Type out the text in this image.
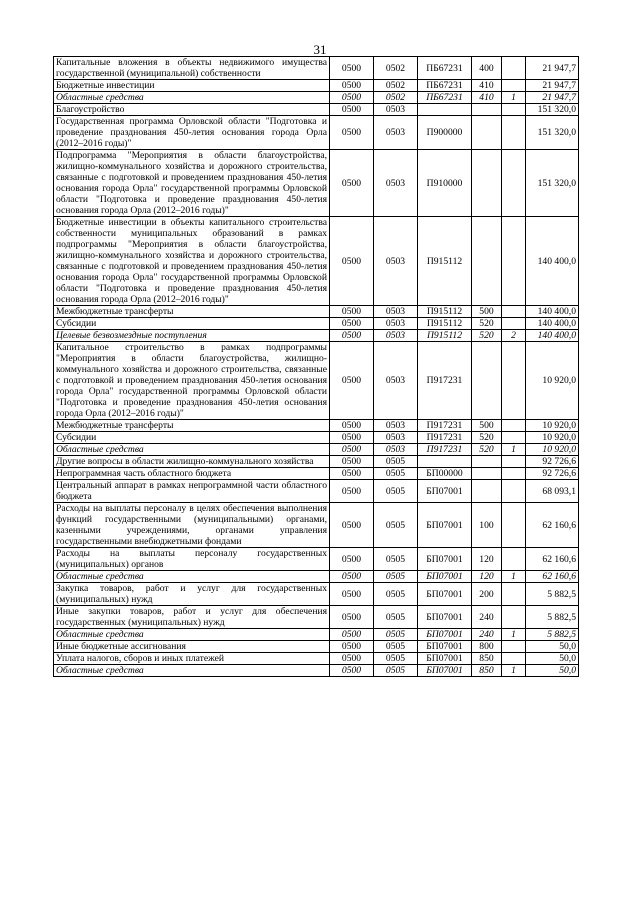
31
Капитальные вложения в объекты недвижимого имущества государственной (муниципальной) собственности	0500	0502	ПБ67231	400		21 947,7
Бюджетные инвестиции	0500	0502	ПБ67231	410		21 947,7
Областные средства	0500	0502	ПБ67231	410	1	21 947,7
Благоустройство	0500	0503				151 320,0
Государственная программа Орловской области "Подготовка и проведение празднования 450-летия основания города Орла (2012–2016 годы)"	0500	0503	П900000			151 320,0
Подпрограмма "Мероприятия в области благоустройства, жилищно-коммунального хозяйства и дорожного строительства, связанные с подготовкой и проведением празднования 450-летия основания города Орла" государственной программы Орловской области "Подготовка и проведение празднования 450-летия основания города Орла (2012–2016 годы)"	0500	0503	П910000			151 320,0
Бюджетные инвестиции в объекты капитального строительства собственности муниципальных образований в рамках подпрограммы "Мероприятия в области благоустройства, жилищно-коммунального хозяйства и дорожного строительства, связанные с подготовкой и проведением празднования 450-летия основания города Орла" государственной программы Орловской области "Подготовка и проведение празднования 450-летия основания города Орла (2012–2016 годы)"	0500	0503	П915112			140 400,0
Межбюджетные трансферты	0500	0503	П915112	500		140 400,0
Субсидии	0500	0503	П915112	520		140 400,0
Целевые безвозмездные поступления	0500	0503	П915112	520	2	140 400,0
Капитальное строительство в рамках подпрограммы "Мероприятия в области благоустройства, жилищно-коммунального хозяйства и дорожного строительства, связанные с подготовкой и проведением празднования 450-летия основания города Орла" государственной программы Орловской области "Подготовка и проведение празднования 450-летия основания города Орла (2012–2016 годы)"	0500	0503	П917231			10 920,0
Межбюджетные трансферты	0500	0503	П917231	500		10 920,0
Субсидии	0500	0503	П917231	520		10 920,0
Областные средства	0500	0503	П917231	520	1	10 920,0
Другие вопросы в области жилищно-коммунального хозяйства	0500	0505				92 726,6
Непрограммная часть областного бюджета	0500	0505	БП00000			92 726,6
Центральный аппарат в рамках непрограммной части областного бюджета	0500	0505	БП07001			68 093,1
Расходы на выплаты персоналу в целях обеспечения выполнения функций государственными (муниципальными) органами, казенными учреждениями, органами управления государственными внебюджетными фондами	0500	0505	БП07001	100		62 160,6
Расходы на выплаты персоналу государственных (муниципальных) органов	0500	0505	БП07001	120		62 160,6
Областные средства	0500	0505	БП07001	120	1	62 160,6
Закупка товаров, работ и услуг для государственных (муниципальных) нужд	0500	0505	БП07001	200		5 882,5
Иные закупки товаров, работ и услуг для обеспечения государственных (муниципальных) нужд	0500	0505	БП07001	240		5 882,5
Областные средства	0500	0505	БП07001	240	1	5 882,5
Иные бюджетные ассигнования	0500	0505	БП07001	800		50,0
Уплата налогов, сборов и иных платежей	0500	0505	БП07001	850		50,0
Областные средства	0500	0505	БП07001	850	1	50,0
